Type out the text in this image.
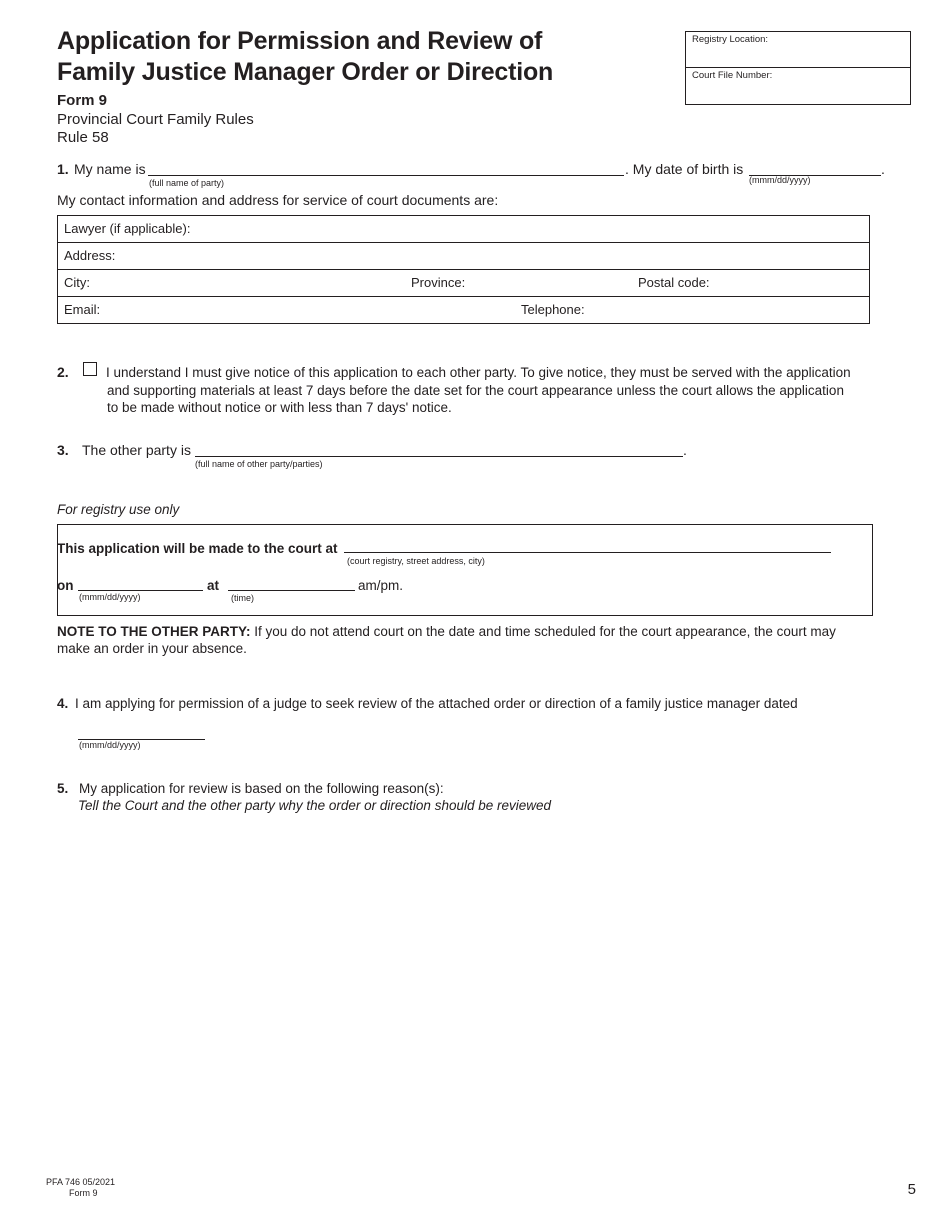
Application for Permission and Review of
Family Justice Manager Order or Direction
Form 9
Provincial Court Family Rules
Rule 58
Registry Location:
Court File Number:
1. My name is
(full name of party)
. My date of birth is	.
(mmm/dd/yyyy)
My contact information and address for service of court documents are:
Lawyer (if applicable):
Address:
City:	Province:	Postal code:
Email:	Telephone:
2.	I understand I must give notice of this application to each other party. To give notice, they must be served with the application
and supporting materials at least 7 days before the date set for the court appearance unless the court allows the application
to be made without notice or with less than 7 days' notice.
3. The other party is	.
(full name of other party/parties)
For registry use only
This application will be made to the court at
(court registry, street address, city)
on
(mmm/dd/yyyy)
at
(time)
am/pm.
NOTE TO THE OTHER PARTY: If you do not attend court on the date and time scheduled for the court appearance, the court may
make an order in your absence.
4. I am applying for permission of a judge to seek review of the attached order or direction of a family justice manager dated
(mmm/dd/yyyy)
5. My application for review is based on the following reason(s):
Tell the Court and the other party why the order or direction should be reviewed
PFA 746 05/2021
Form 9	5
